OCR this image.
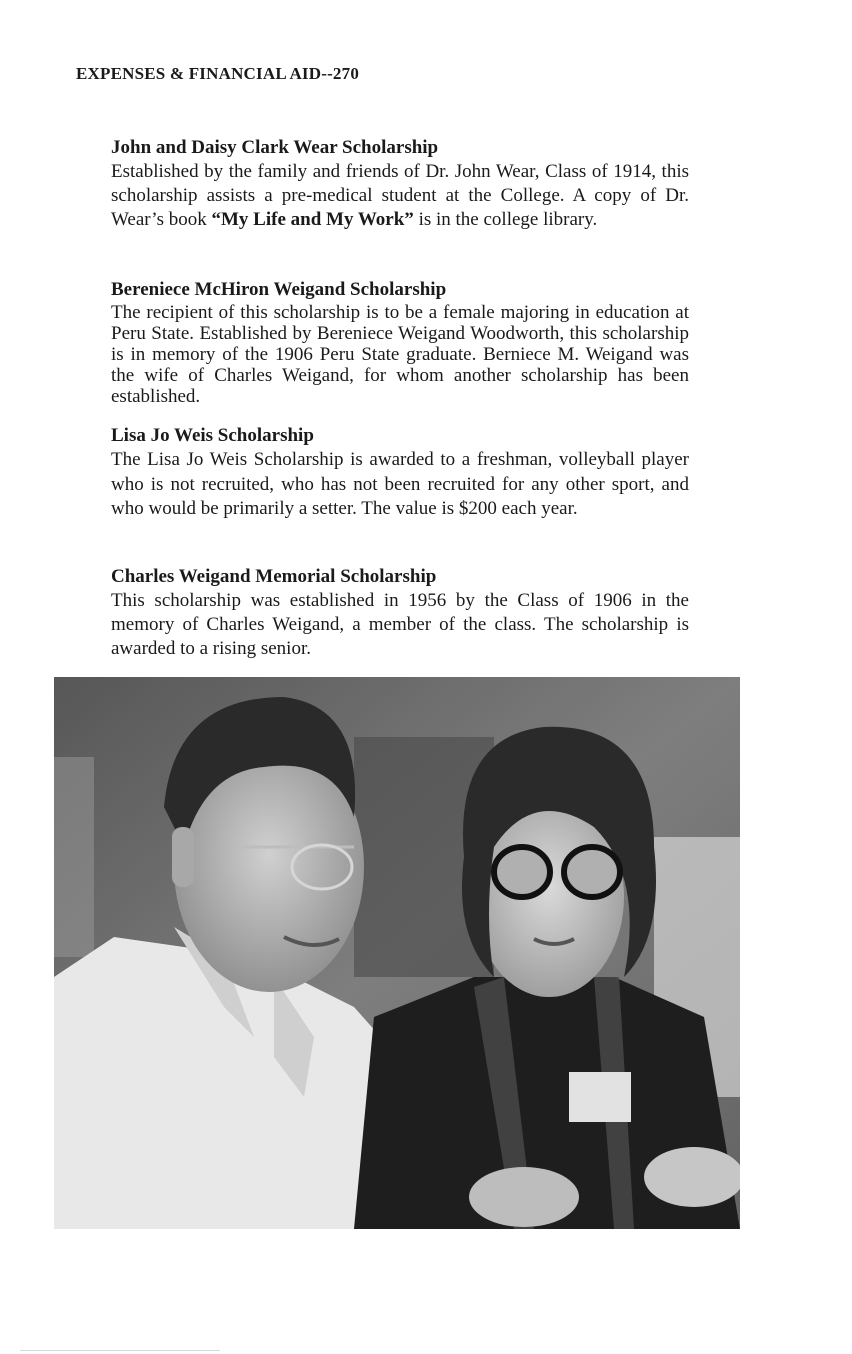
EXPENSES & FINANCIAL AID--270
John and Daisy Clark Wear Scholarship

Established by the family and friends of Dr. John Wear, Class of 1914, this scholarship assists a pre-medical student at the College. A copy of Dr. Wear’s book “My Life and My Work” is in the college library.

Bereniece McHiron Weigand Scholarship

The recipient of this scholarship is to be a female majoring in education at Peru State. Established by Bereniece Weigand Woodworth, this scholarship is in memory of the 1906 Peru State graduate. Berniece M. Weigand was the wife of Charles Weigand, for whom another scholarship has been established.

Lisa Jo Weis Scholarship

The Lisa Jo Weis Scholarship is awarded to a freshman, volleyball player who is not recruited, who has not been recruited for any other sport, and who would be primarily a setter. The value is $200 each year.

Charles Weigand Memorial Scholarship

This scholarship was established in 1956 by the Class of 1906 in the memory of Charles Weigand, a member of the class. The scholarship is awarded to a rising senior.
